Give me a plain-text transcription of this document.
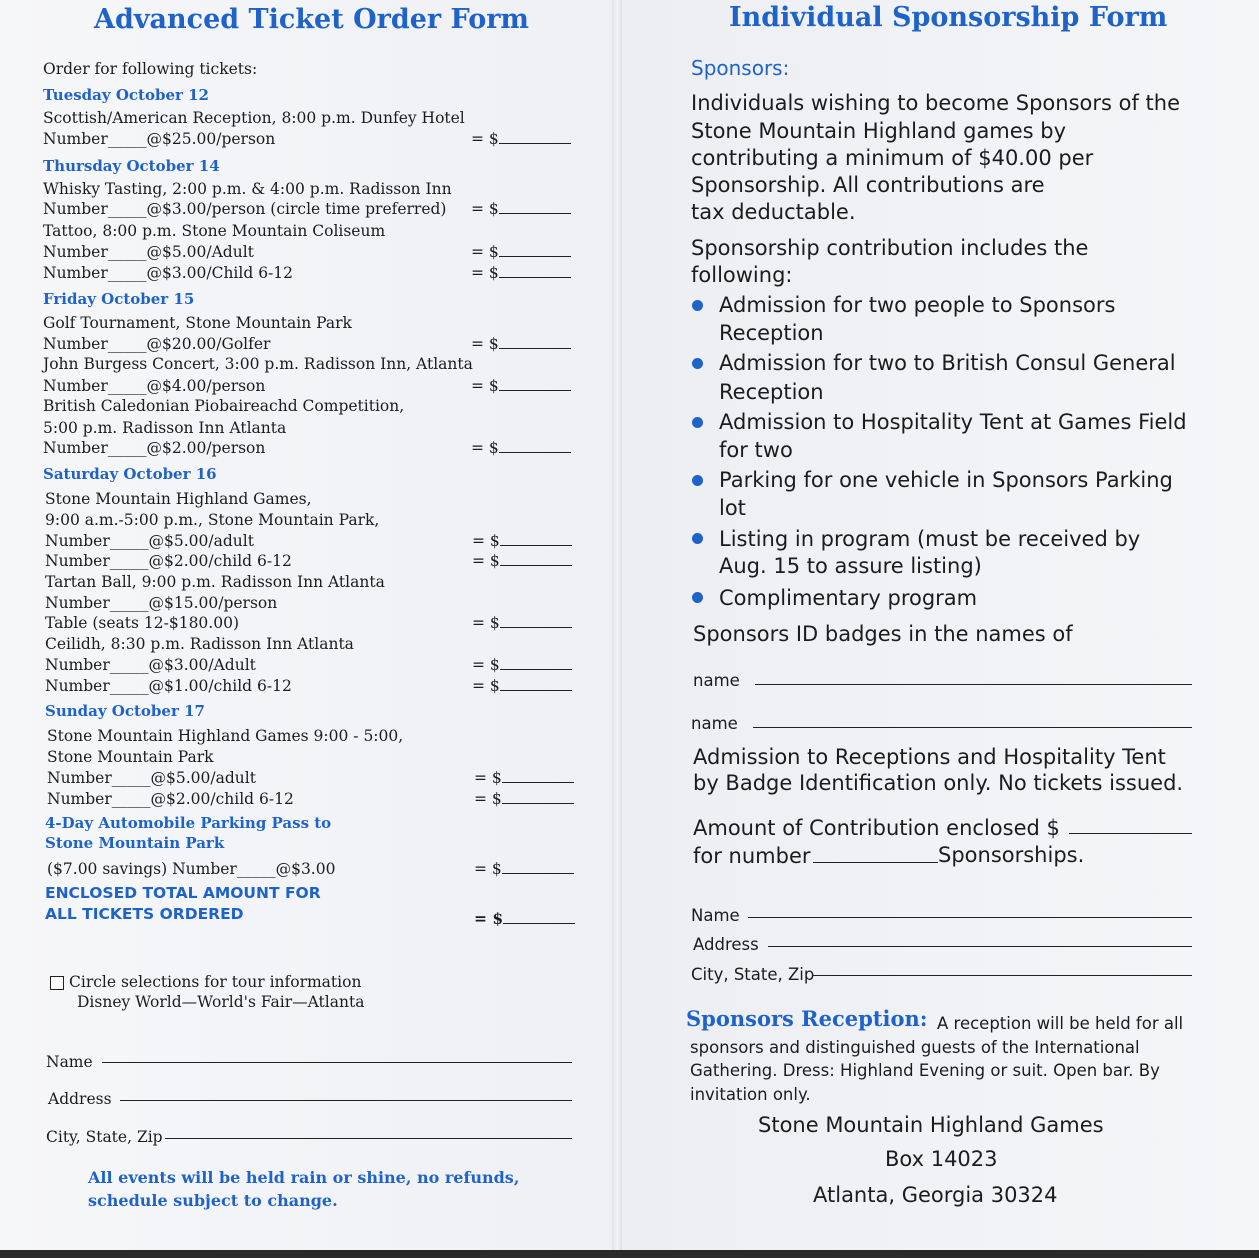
Advanced Ticket Order Form
Order for following tickets:
Tuesday October 12
Scottish/American Reception, 8:00 p.m. Dunfey Hotel
Number_____@$25.00/person
Thursday October 14
Whisky Tasting, 2:00 p.m. & 4:00 p.m. Radisson Inn
Number_____@$3.00/person (circle time preferred)
Tattoo, 8:00 p.m. Stone Mountain Coliseum
Number_____@$5.00/Adult
Number_____@$3.00/Child 6-12
Friday October 15
Golf Tournament, Stone Mountain Park
Number_____@$20.00/Golfer
John Burgess Concert, 3:00 p.m. Radisson Inn, Atlanta
Number_____@$4.00/person
British Caledonian Piobaireachd Competition,
5:00 p.m. Radisson Inn Atlanta
Number_____@$2.00/person
Saturday October 16
Stone Mountain Highland Games,
9:00 a.m.-5:00 p.m., Stone Mountain Park,
Number_____@$5.00/adult
Number_____@$2.00/child 6-12
Tartan Ball, 9:00 p.m. Radisson Inn Atlanta
Number_____@$15.00/person
Table (seats 12-$180.00)
Ceilidh, 8:30 p.m. Radisson Inn Atlanta
Number_____@$3.00/Adult
Number_____@$1.00/child 6-12
Sunday October 17
Stone Mountain Highland Games 9:00 - 5:00,
Stone Mountain Park
Number_____@$5.00/adult
Number_____@$2.00/child 6-12
4-Day Automobile Parking Pass to
Stone Mountain Park
($7.00 savings) Number_____@$3.00
ENCLOSED TOTAL AMOUNT FOR
ALL TICKETS ORDERED
= $
= $
= $
= $
= $
= $
= $
= $
= $
= $
= $
= $
= $
= $
= $
= $
Circle selections for tour information
Disney World—World's Fair—Atlanta
Name
Address
City, State, Zip
All events will be held rain or shine, no refunds,
schedule subject to change.
Individual Sponsorship Form
Sponsors:
Individuals wishing to become Sponsors of the
Stone Mountain Highland games by
contributing a minimum of $40.00 per
Sponsorship. All contributions are
tax deductable.
Sponsorship contribution includes the
following:
Admission for two people to Sponsors
Reception
Admission for two to British Consul General
Reception
Admission to Hospitality Tent at Games Field
for two
Parking for one vehicle in Sponsors Parking
lot
Listing in program (must be received by
Aug. 15 to assure listing)
Complimentary program
Sponsors ID badges in the names of
name
name
Admission to Receptions and Hospitality Tent
by Badge Identification only. No tickets issued.
Amount of Contribution enclosed $
for number	Sponsorships.
Name
Address
City, State, Zip
Sponsors Reception: A reception will be held for all
sponsors and distinguished guests of the International
Gathering. Dress: Highland Evening or suit. Open bar. By
invitation only.
Stone Mountain Highland Games
Box 14023
Atlanta, Georgia 30324
